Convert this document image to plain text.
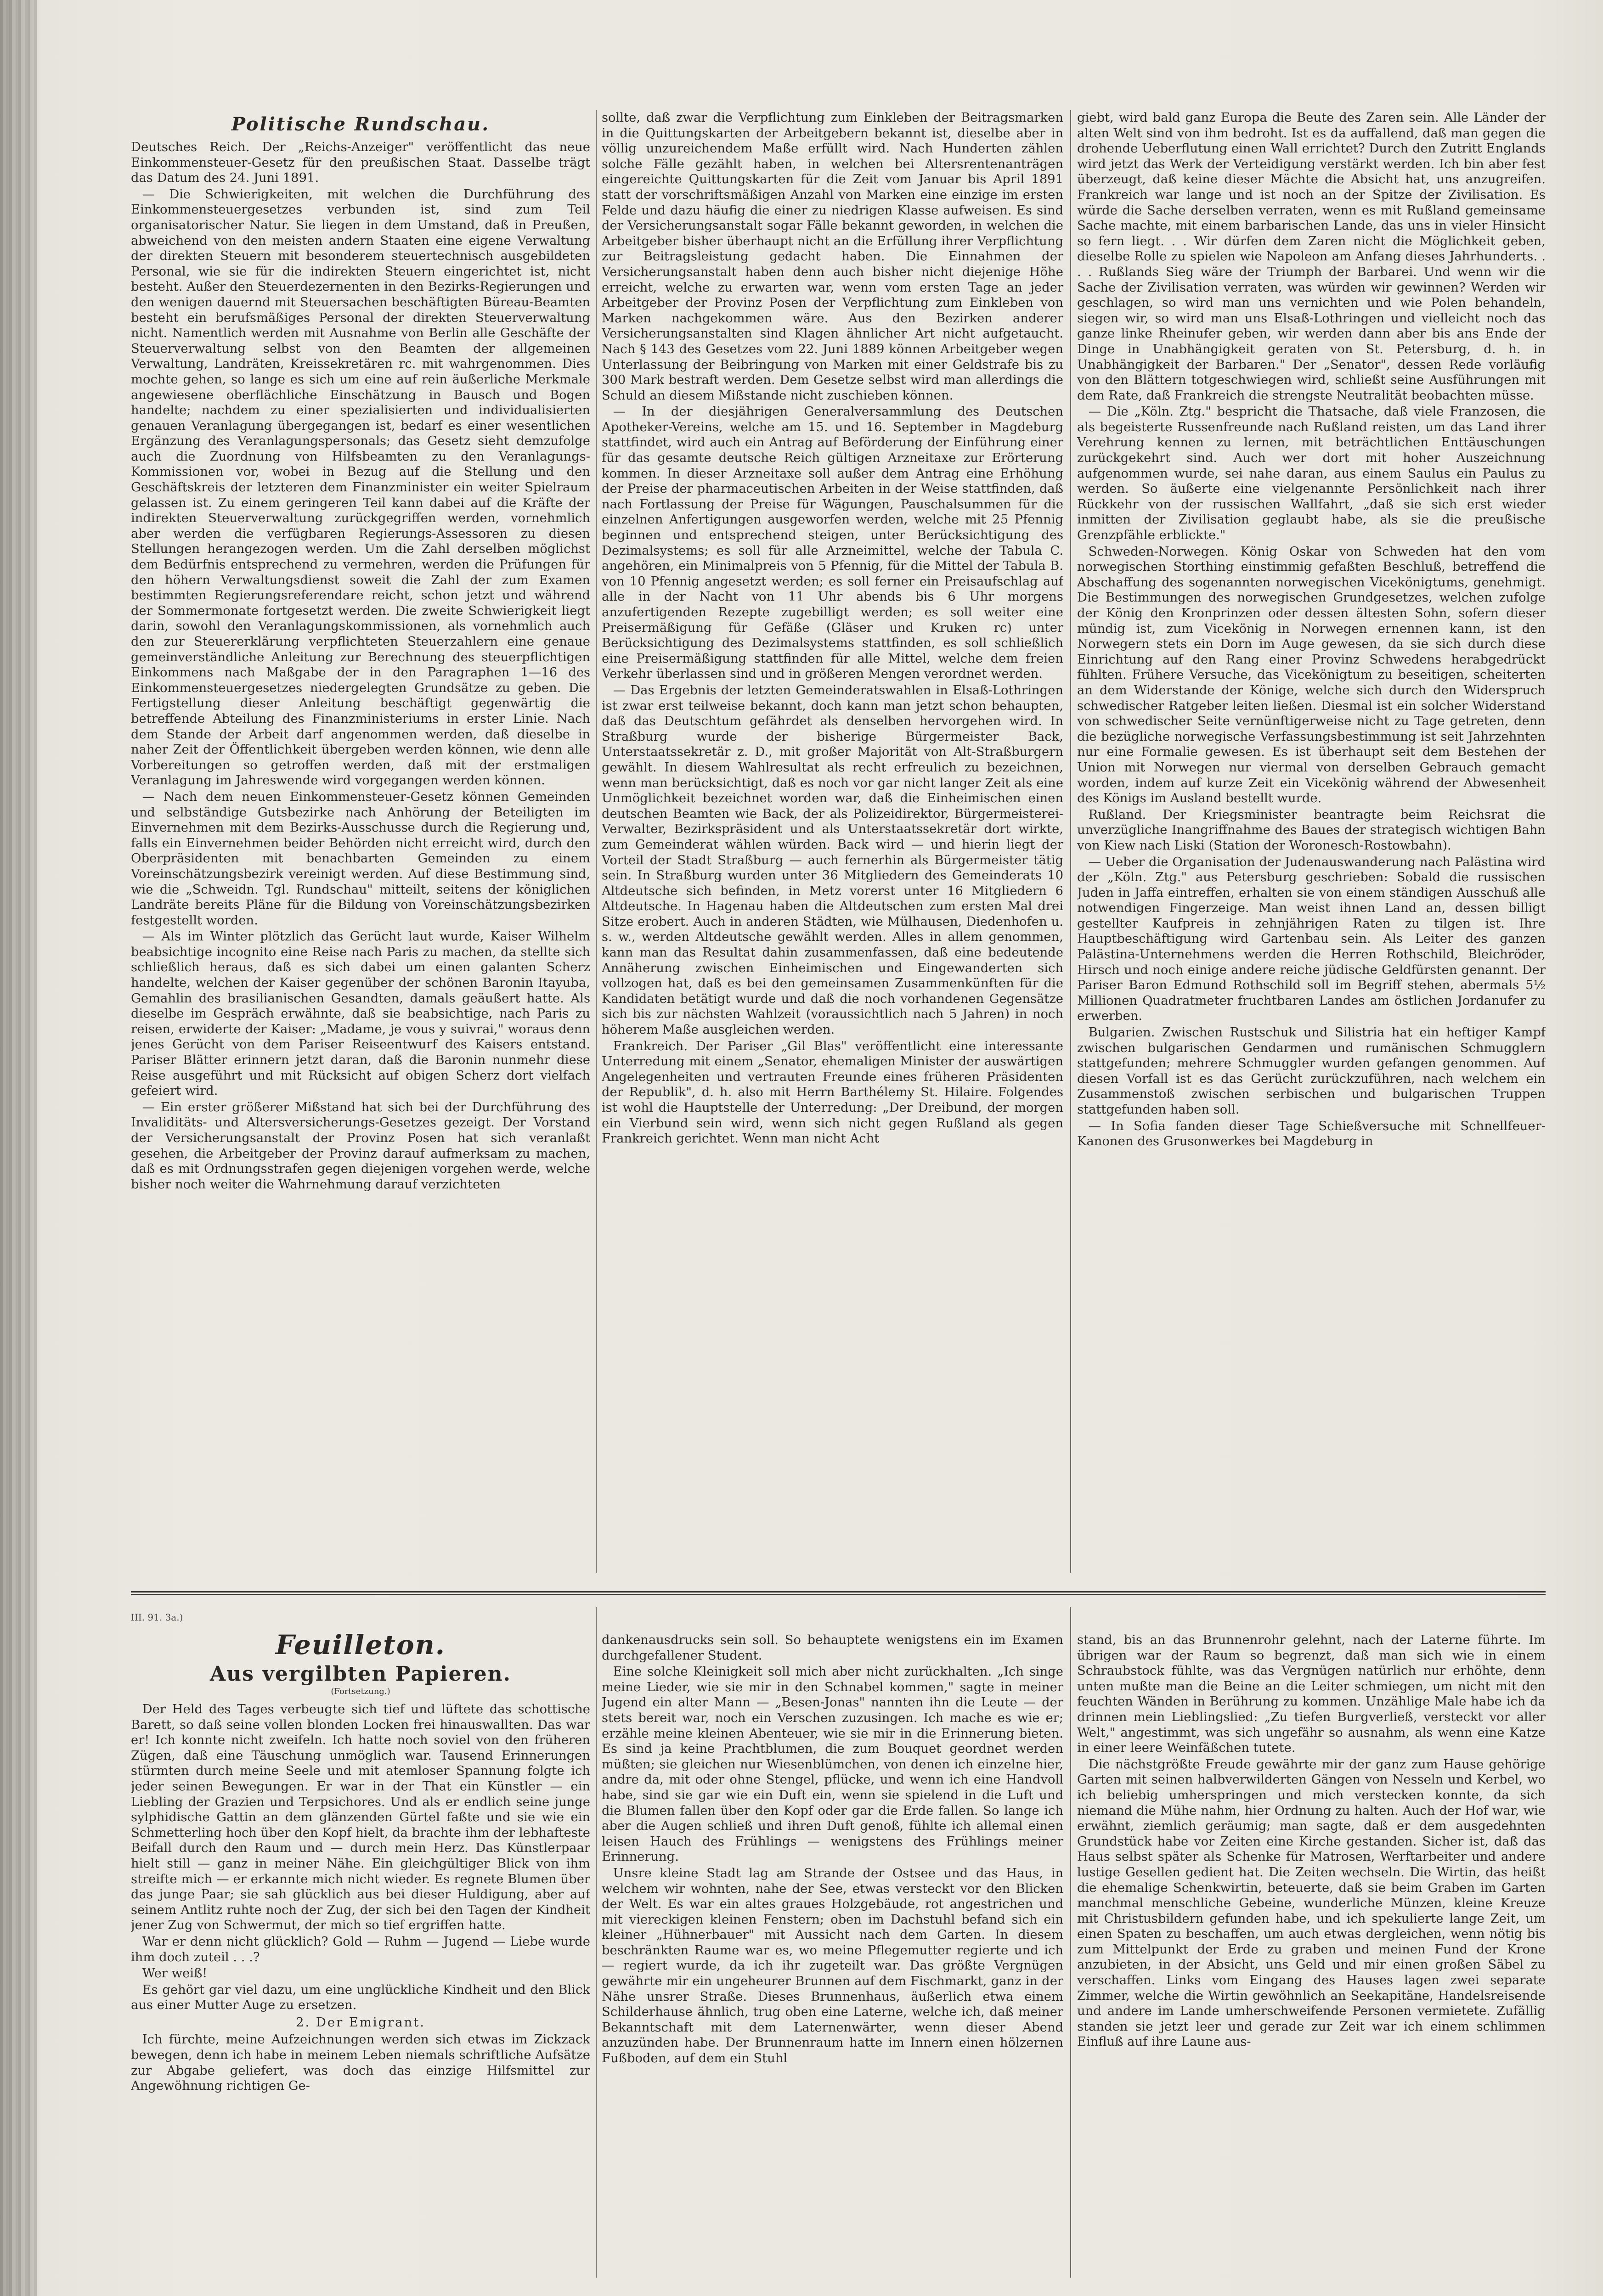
Politische Rundschau.

Deutsches Reich. Der „Reichs-Anzeiger" veröffentlicht das neue Einkommensteuer-Gesetz für den preußischen Staat. Dasselbe trägt das Datum des 24. Juni 1891.

— Die Schwierigkeiten, mit welchen die Durchführung des Einkommensteuergesetzes verbunden ist, sind zum Teil organisatorischer Natur. Sie liegen in dem Umstand, daß in Preußen, abweichend von den meisten andern Staaten eine eigene Verwaltung der direkten Steuern mit besonderem steuertechnisch ausgebildeten Personal, wie sie für die indirekten Steuern eingerichtet ist, nicht besteht. Außer den Steuerdezernenten in den Bezirks-Regierungen und den wenigen dauernd mit Steuersachen beschäftigten Büreau-Beamten besteht ein berufsmäßiges Personal der direkten Steuerverwaltung nicht. Namentlich werden mit Ausnahme von Berlin alle Geschäfte der Steuerverwaltung selbst von den Beamten der allgemeinen Verwaltung, Landräten, Kreissekretären rc. mit wahrgenommen. Dies mochte gehen, so lange es sich um eine auf rein äußerliche Merkmale angewiesene oberflächliche Einschätzung in Bausch und Bogen handelte; nachdem zu einer spezialisierten und individualisierten genauen Veranlagung übergegangen ist, bedarf es einer wesentlichen Ergänzung des Veranlagungspersonals; das Gesetz sieht demzufolge auch die Zuordnung von Hilfsbeamten zu den Veranlagungs-Kommissionen vor, wobei in Bezug auf die Stellung und den Geschäftskreis der letzteren dem Finanzminister ein weiter Spielraum gelassen ist. Zu einem geringeren Teil kann dabei auf die Kräfte der indirekten Steuerverwaltung zurückgegriffen werden, vornehmlich aber werden die verfügbaren Regierungs-Assessoren zu diesen Stellungen herangezogen werden. Um die Zahl derselben möglichst dem Bedürfnis entsprechend zu vermehren, werden die Prüfungen für den höhern Verwaltungsdienst soweit die Zahl der zum Examen bestimmten Regierungsreferendare reicht, schon jetzt und während der Sommermonate fortgesetzt werden. Die zweite Schwierigkeit liegt darin, sowohl den Veranlagungskommissionen, als vornehmlich auch den zur Steuererklärung verpflichteten Steuerzahlern eine genaue gemeinverständliche Anleitung zur Berechnung des steuerpflichtigen Einkommens nach Maßgabe der in den Paragraphen 1—16 des Einkommensteuergesetzes niedergelegten Grundsätze zu geben. Die Fertigstellung dieser Anleitung beschäftigt gegenwärtig die betreffende Abteilung des Finanzministeriums in erster Linie. Nach dem Stande der Arbeit darf angenommen werden, daß dieselbe in naher Zeit der Öffentlichkeit übergeben werden können, wie denn alle Vorbereitungen so getroffen werden, daß mit der erstmaligen Veranlagung im Jahreswende wird vorgegangen werden können.

— Nach dem neuen Einkommensteuer-Gesetz können Gemeinden und selbständige Gutsbezirke nach Anhörung der Beteiligten im Einvernehmen mit dem Bezirks-Ausschusse durch die Regierung und, falls ein Einvernehmen beider Behörden nicht erreicht wird, durch den Oberpräsidenten mit benachbarten Gemeinden zu einem Voreinschätzungsbezirk vereinigt werden. Auf diese Bestimmung sind, wie die „Schweidn. Tgl. Rundschau" mitteilt, seitens der königlichen Landräte bereits Pläne für die Bildung von Voreinschätzungsbezirken festgestellt worden.

— Als im Winter plötzlich das Gerücht laut wurde, Kaiser Wilhelm beabsichtige incognito eine Reise nach Paris zu machen, da stellte sich schließlich heraus, daß es sich dabei um einen galanten Scherz handelte, welchen der Kaiser gegenüber der schönen Baronin Itayuba, Gemahlin des brasilianischen Gesandten, damals geäußert hatte. Als dieselbe im Gespräch erwähnte, daß sie beabsichtige, nach Paris zu reisen, erwiderte der Kaiser: „Madame, je vous y suivrai," woraus denn jenes Gerücht von dem Pariser Reiseentwurf des Kaisers entstand. Pariser Blätter erinnern jetzt daran, daß die Baronin nunmehr diese Reise ausgeführt und mit Rücksicht auf obigen Scherz dort vielfach gefeiert wird.

— Ein erster größerer Mißstand hat sich bei der Durchführung des Invaliditäts- und Altersversicherungs-Gesetzes gezeigt. Der Vorstand der Versicherungsanstalt der Provinz Posen hat sich veranlaßt gesehen, die Arbeitgeber der Provinz darauf aufmerksam zu machen, daß es mit Ordnungsstrafen gegen diejenigen vorgehen werde, welche bisher noch weiter die Wahrnehmung darauf verzichteten

sollte, daß zwar die Verpflichtung zum Einkleben der Beitragsmarken in die Quittungskarten der Arbeitgebern bekannt ist, dieselbe aber in völlig unzureichendem Maße erfüllt wird. Nach Hunderten zählen solche Fälle gezählt haben, in welchen bei Altersrentenanträgen eingereichte Quittungskarten für die Zeit vom Januar bis April 1891 statt der vorschriftsmäßigen Anzahl von Marken eine einzige im ersten Felde und dazu häufig die einer zu niedrigen Klasse aufweisen. Es sind der Versicherungsanstalt sogar Fälle bekannt geworden, in welchen die Arbeitgeber bisher überhaupt nicht an die Erfüllung ihrer Verpflichtung zur Beitragsleistung gedacht haben. Die Einnahmen der Versicherungsanstalt haben denn auch bisher nicht diejenige Höhe erreicht, welche zu erwarten war, wenn vom ersten Tage an jeder Arbeitgeber der Provinz Posen der Verpflichtung zum Einkleben von Marken nachgekommen wäre. Aus den Bezirken anderer Versicherungsanstalten sind Klagen ähnlicher Art nicht aufgetaucht. Nach § 143 des Gesetzes vom 22. Juni 1889 können Arbeitgeber wegen Unterlassung der Beibringung von Marken mit einer Geldstrafe bis zu 300 Mark bestraft werden. Dem Gesetze selbst wird man allerdings die Schuld an diesem Mißstande nicht zuschieben können.

— In der diesjährigen Generalversammlung des Deutschen Apotheker-Vereins, welche am 15. und 16. September in Magdeburg stattfindet, wird auch ein Antrag auf Beförderung der Einführung einer für das gesamte deutsche Reich gültigen Arzneitaxe zur Erörterung kommen. In dieser Arzneitaxe soll außer dem Antrag eine Erhöhung der Preise der pharmaceutischen Arbeiten in der Weise stattfinden, daß nach Fortlassung der Preise für Wägungen, Pauschalsummen für die einzelnen Anfertigungen ausgeworfen werden, welche mit 25 Pfennig beginnen und entsprechend steigen, unter Berücksichtigung des Dezimalsystems; es soll für alle Arzneimittel, welche der Tabula C. angehören, ein Minimalpreis von 5 Pfennig, für die Mittel der Tabula B. von 10 Pfennig angesetzt werden; es soll ferner ein Preisaufschlag auf alle in der Nacht von 11 Uhr abends bis 6 Uhr morgens anzufertigenden Rezepte zugebilligt werden; es soll weiter eine Preisermäßigung für Gefäße (Gläser und Kruken rc) unter Berücksichtigung des Dezimalsystems stattfinden, es soll schließlich eine Preisermäßigung stattfinden für alle Mittel, welche dem freien Verkehr überlassen sind und in größeren Mengen verordnet werden.

— Das Ergebnis der letzten Gemeinderatswahlen in Elsaß-Lothringen ist zwar erst teilweise bekannt, doch kann man jetzt schon behaupten, daß das Deutschtum gefährdet als denselben hervorgehen wird. In Straßburg wurde der bisherige Bürgermeister Back, Unterstaatssekretär z. D., mit großer Majorität von Alt-Straßburgern gewählt. In diesem Wahlresultat als recht erfreulich zu bezeichnen, wenn man berücksichtigt, daß es noch vor gar nicht langer Zeit als eine Unmöglichkeit bezeichnet worden war, daß die Einheimischen einen deutschen Beamten wie Back, der als Polizeidirektor, Bürgermeisterei-Verwalter, Bezirkspräsident und als Unterstaatssekretär dort wirkte, zum Gemeinderat wählen würden. Back wird — und hierin liegt der Vorteil der Stadt Straßburg — auch fernerhin als Bürgermeister tätig sein. In Straßburg wurden unter 36 Mitgliedern des Gemeinderats 10 Altdeutsche sich befinden, in Metz vorerst unter 16 Mitgliedern 6 Altdeutsche. In Hagenau haben die Altdeutschen zum ersten Mal drei Sitze erobert. Auch in anderen Städten, wie Mülhausen, Diedenhofen u. s. w., werden Altdeutsche gewählt werden. Alles in allem genommen, kann man das Resultat dahin zusammenfassen, daß eine bedeutende Annäherung zwischen Einheimischen und Eingewanderten sich vollzogen hat, daß es bei den gemeinsamen Zusammenkünften für die Kandidaten betätigt wurde und daß die noch vorhandenen Gegensätze sich bis zur nächsten Wahlzeit (voraussichtlich nach 5 Jahren) in noch höherem Maße ausgleichen werden.

Frankreich. Der Pariser „Gil Blas" veröffentlicht eine interessante Unterredung mit einem „Senator, ehemaligen Minister der auswärtigen Angelegenheiten und vertrauten Freunde eines früheren Präsidenten der Republik", d. h. also mit Herrn Barthélemy St. Hilaire. Folgendes ist wohl die Hauptstelle der Unterredung: „Der Dreibund, der morgen ein Vierbund sein wird, wenn sich nicht gegen Rußland als gegen Frankreich gerichtet. Wenn man nicht Acht

giebt, wird bald ganz Europa die Beute des Zaren sein. Alle Länder der alten Welt sind von ihm bedroht. Ist es da auffallend, daß man gegen die drohende Ueberflutung einen Wall errichtet? Durch den Zutritt Englands wird jetzt das Werk der Verteidigung verstärkt werden. Ich bin aber fest überzeugt, daß keine dieser Mächte die Absicht hat, uns anzugreifen. Frankreich war lange und ist noch an der Spitze der Zivilisation. Es würde die Sache derselben verraten, wenn es mit Rußland gemeinsame Sache machte, mit einem barbarischen Lande, das uns in vieler Hinsicht so fern liegt. . . Wir dürfen dem Zaren nicht die Möglichkeit geben, dieselbe Rolle zu spielen wie Napoleon am Anfang dieses Jahrhunderts. . . . Rußlands Sieg wäre der Triumph der Barbarei. Und wenn wir die Sache der Zivilisation verraten, was würden wir gewinnen? Werden wir geschlagen, so wird man uns vernichten und wie Polen behandeln, siegen wir, so wird man uns Elsaß-Lothringen und vielleicht noch das ganze linke Rheinufer geben, wir werden dann aber bis ans Ende der Dinge in Unabhängigkeit geraten von St. Petersburg, d. h. in Unabhängigkeit der Barbaren." Der „Senator", dessen Rede vorläufig von den Blättern totgeschwiegen wird, schließt seine Ausführungen mit dem Rate, daß Frankreich die strengste Neutralität beobachten müsse.

— Die „Köln. Ztg." bespricht die Thatsache, daß viele Franzosen, die als begeisterte Russenfreunde nach Rußland reisten, um das Land ihrer Verehrung kennen zu lernen, mit beträchtlichen Enttäuschungen zurückgekehrt sind. Auch wer dort mit hoher Auszeichnung aufgenommen wurde, sei nahe daran, aus einem Saulus ein Paulus zu werden. So äußerte eine vielgenannte Persönlichkeit nach ihrer Rückkehr von der russischen Wallfahrt, „daß sie sich erst wieder inmitten der Zivilisation geglaubt habe, als sie die preußische Grenzpfähle erblickte."

Schweden-Norwegen. König Oskar von Schweden hat den vom norwegischen Storthing einstimmig gefaßten Beschluß, betreffend die Abschaffung des sogenannten norwegischen Vicekönigtums, genehmigt. Die Bestimmungen des norwegischen Grundgesetzes, welchen zufolge der König den Kronprinzen oder dessen ältesten Sohn, sofern dieser mündig ist, zum Vicekönig in Norwegen ernennen kann, ist den Norwegern stets ein Dorn im Auge gewesen, da sie sich durch diese Einrichtung auf den Rang einer Provinz Schwedens herabgedrückt fühlten. Frühere Versuche, das Vicekönigtum zu beseitigen, scheiterten an dem Widerstande der Könige, welche sich durch den Widerspruch schwedischer Ratgeber leiten ließen. Diesmal ist ein solcher Widerstand von schwedischer Seite vernünftigerweise nicht zu Tage getreten, denn die bezügliche norwegische Verfassungsbestimmung ist seit Jahrzehnten nur eine Formalie gewesen. Es ist überhaupt seit dem Bestehen der Union mit Norwegen nur viermal von derselben Gebrauch gemacht worden, indem auf kurze Zeit ein Vicekönig während der Abwesenheit des Königs im Ausland bestellt wurde.

Rußland. Der Kriegsminister beantragte beim Reichsrat die unverzügliche Inangriffnahme des Baues der strategisch wichtigen Bahn von Kiew nach Liski (Station der Woronesch-Rostowbahn).

— Ueber die Organisation der Judenauswanderung nach Palästina wird der „Köln. Ztg." aus Petersburg geschrieben: Sobald die russischen Juden in Jaffa eintreffen, erhalten sie von einem ständigen Ausschuß alle notwendigen Fingerzeige. Man weist ihnen Land an, dessen billigt gestellter Kaufpreis in zehnjährigen Raten zu tilgen ist. Ihre Hauptbeschäftigung wird Gartenbau sein. Als Leiter des ganzen Palästina-Unternehmens werden die Herren Rothschild, Bleichröder, Hirsch und noch einige andere reiche jüdische Geldfürsten genannt. Der Pariser Baron Edmund Rothschild soll im Begriff stehen, abermals 5½ Millionen Quadratmeter fruchtbaren Landes am östlichen Jordanufer zu erwerben.

Bulgarien. Zwischen Rustschuk und Silistria hat ein heftiger Kampf zwischen bulgarischen Gendarmen und rumänischen Schmugglern stattgefunden; mehrere Schmuggler wurden gefangen genommen. Auf diesen Vorfall ist es das Gerücht zurückzuführen, nach welchem ein Zusammenstoß zwischen serbischen und bulgarischen Truppen stattgefunden haben soll.

— In Sofia fanden dieser Tage Schießversuche mit Schnellfeuer-Kanonen des Grusonwerkes bei Magdeburg in

III. 91. 3a.)
Feuilleton.
Aus vergilbten Papieren.
(Fortsetzung.)

Der Held des Tages verbeugte sich tief und lüftete das schottische Barett, so daß seine vollen blonden Locken frei hinauswallten. Das war er! Ich konnte nicht zweifeln. Ich hatte noch soviel von den früheren Zügen, daß eine Täuschung unmöglich war. Tausend Erinnerungen stürmten durch meine Seele und mit atemloser Spannung folgte ich jeder seinen Bewegungen. Er war in der That ein Künstler — ein Liebling der Grazien und Terpsichores. Und als er endlich seine junge sylphidische Gattin an dem glänzenden Gürtel faßte und sie wie ein Schmetterling hoch über den Kopf hielt, da brachte ihm der lebhafteste Beifall durch den Raum und — durch mein Herz. Das Künstlerpaar hielt still — ganz in meiner Nähe. Ein gleichgültiger Blick von ihm streifte mich — er erkannte mich nicht wieder. Es regnete Blumen über das junge Paar; sie sah glücklich aus bei dieser Huldigung, aber auf seinem Antlitz ruhte noch der Zug, der sich bei den Tagen der Kindheit jener Zug von Schwermut, der mich so tief ergriffen hatte.

War er denn nicht glücklich? Gold — Ruhm — Jugend — Liebe wurde ihm doch zuteil . . .?

Wer weiß!

Es gehört gar viel dazu, um eine unglückliche Kindheit und den Blick aus einer Mutter Auge zu ersetzen.

2. Der Emigrant.

Ich fürchte, meine Aufzeichnungen werden sich etwas im Zickzack bewegen, denn ich habe in meinem Leben niemals schriftliche Aufsätze zur Abgabe geliefert, was doch das einzige Hilfsmittel zur Angewöhnung richtigen Ge-

dankenausdrucks sein soll. So behauptete wenigstens ein im Examen durchgefallener Student.

Eine solche Kleinigkeit soll mich aber nicht zurückhalten. „Ich singe meine Lieder, wie sie mir in den Schnabel kommen," sagte in meiner Jugend ein alter Mann — „Besen-Jonas" nannten ihn die Leute — der stets bereit war, noch ein Verschen zuzusingen. Ich mache es wie er; erzähle meine kleinen Abenteuer, wie sie mir in die Erinnerung bieten. Es sind ja keine Prachtblumen, die zum Bouquet geordnet werden müßten; sie gleichen nur Wiesenblümchen, von denen ich einzelne hier, andre da, mit oder ohne Stengel, pflücke, und wenn ich eine Handvoll habe, sind sie gar wie ein Duft ein, wenn sie spielend in die Luft und die Blumen fallen über den Kopf oder gar die Erde fallen. So lange ich aber die Augen schließ und ihren Duft genoß, fühlte ich allemal einen leisen Hauch des Frühlings — wenigstens des Frühlings meiner Erinnerung.

Unsre kleine Stadt lag am Strande der Ostsee und das Haus, in welchem wir wohnten, nahe der See, etwas versteckt vor den Blicken der Welt. Es war ein altes graues Holzgebäude, rot angestrichen und mit viereckigen kleinen Fenstern; oben im Dachstuhl befand sich ein kleiner „Hühnerbauer" mit Aussicht nach dem Garten. In diesem beschränkten Raume war es, wo meine Pflegemutter regierte und ich — regiert wurde, da ich ihr zugeteilt war. Das größte Vergnügen gewährte mir ein ungeheurer Brunnen auf dem Fischmarkt, ganz in der Nähe unsrer Straße. Dieses Brunnenhaus, äußerlich etwa einem Schilderhause ähnlich, trug oben eine Laterne, welche ich, daß meiner Bekanntschaft mit dem Laternenwärter, wenn dieser Abend anzuzünden habe. Der Brunnenraum hatte im Innern einen hölzernen Fußboden, auf dem ein Stuhl

stand, bis an das Brunnenrohr gelehnt, nach der Laterne führte. Im übrigen war der Raum so begrenzt, daß man sich wie in einem Schraubstock fühlte, was das Vergnügen natürlich nur erhöhte, denn unten mußte man die Beine an die Leiter schmiegen, um nicht mit den feuchten Wänden in Berührung zu kommen. Unzählige Male habe ich da drinnen mein Lieblingslied: „Zu tiefen Burgverließ, versteckt vor aller Welt," angestimmt, was sich ungefähr so ausnahm, als wenn eine Katze in einer leere Weinfäßchen tutete.

Die nächstgrößte Freude gewährte mir der ganz zum Hause gehörige Garten mit seinen halbverwilderten Gängen von Nesseln und Kerbel, wo ich beliebig umherspringen und mich verstecken konnte, da sich niemand die Mühe nahm, hier Ordnung zu halten. Auch der Hof war, wie erwähnt, ziemlich geräumig; man sagte, daß er dem ausgedehnten Grundstück habe vor Zeiten eine Kirche gestanden. Sicher ist, daß das Haus selbst später als Schenke für Matrosen, Werftarbeiter und andere lustige Gesellen gedient hat. Die Zeiten wechseln. Die Wirtin, das heißt die ehemalige Schenkwirtin, beteuerte, daß sie beim Graben im Garten manchmal menschliche Gebeine, wunderliche Münzen, kleine Kreuze mit Christusbildern gefunden habe, und ich spekulierte lange Zeit, um einen Spaten zu beschaffen, um auch etwas dergleichen, wenn nötig bis zum Mittelpunkt der Erde zu graben und meinen Fund der Krone anzubieten, in der Absicht, uns Geld und mir einen großen Säbel zu verschaffen. Links vom Eingang des Hauses lagen zwei separate Zimmer, welche die Wirtin gewöhnlich an Seekapitäne, Handelsreisende und andere im Lande umherschweifende Personen vermietete. Zufällig standen sie jetzt leer und gerade zur Zeit war ich einem schlimmen Einfluß auf ihre Laune aus-
